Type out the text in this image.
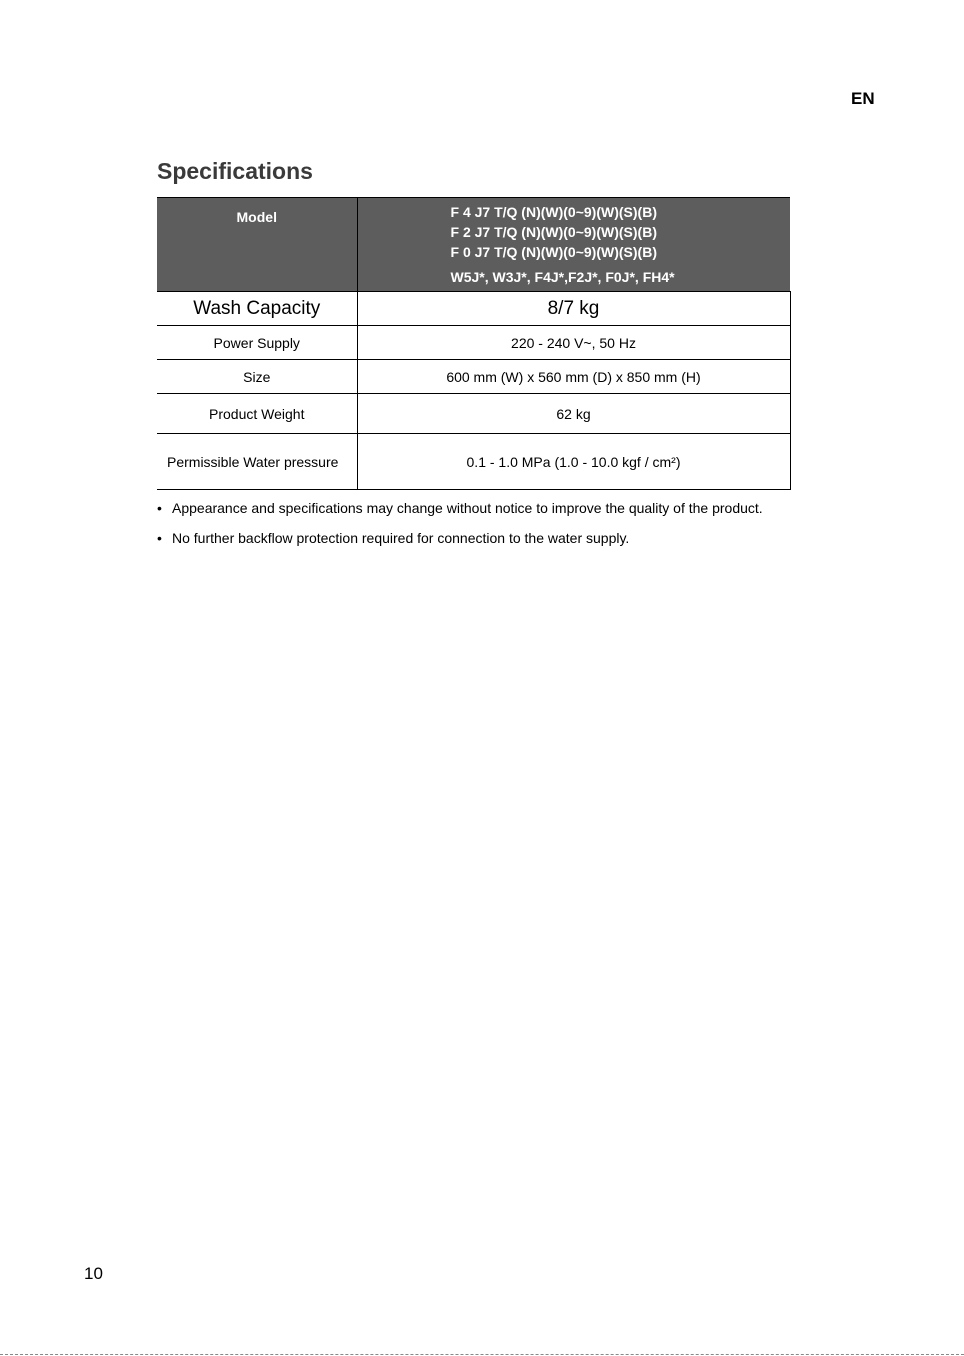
EN
Specifications
Model	F 4 J7 T/Q (N)(W)(0~9)(W)(S)(B)
F 2 J7 T/Q (N)(W)(0~9)(W)(S)(B)
F 0 J7 T/Q (N)(W)(0~9)(W)(S)(B)
W5J*, W3J*, F4J*,F2J*, F0J*, FH4*

Wash Capacity	8/7 kg
Power Supply	220 - 240 V~, 50 Hz
Size	600 mm (W) x 560 mm (D) x 850 mm (H)
Product Weight	62 kg
Permissible Water pressure	0.1 - 1.0 MPa (1.0 - 10.0 kgf / cm²)
• Appearance and specifications may change without notice to improve the quality of the product.
• No further backflow protection required for connection to the water supply.
10
